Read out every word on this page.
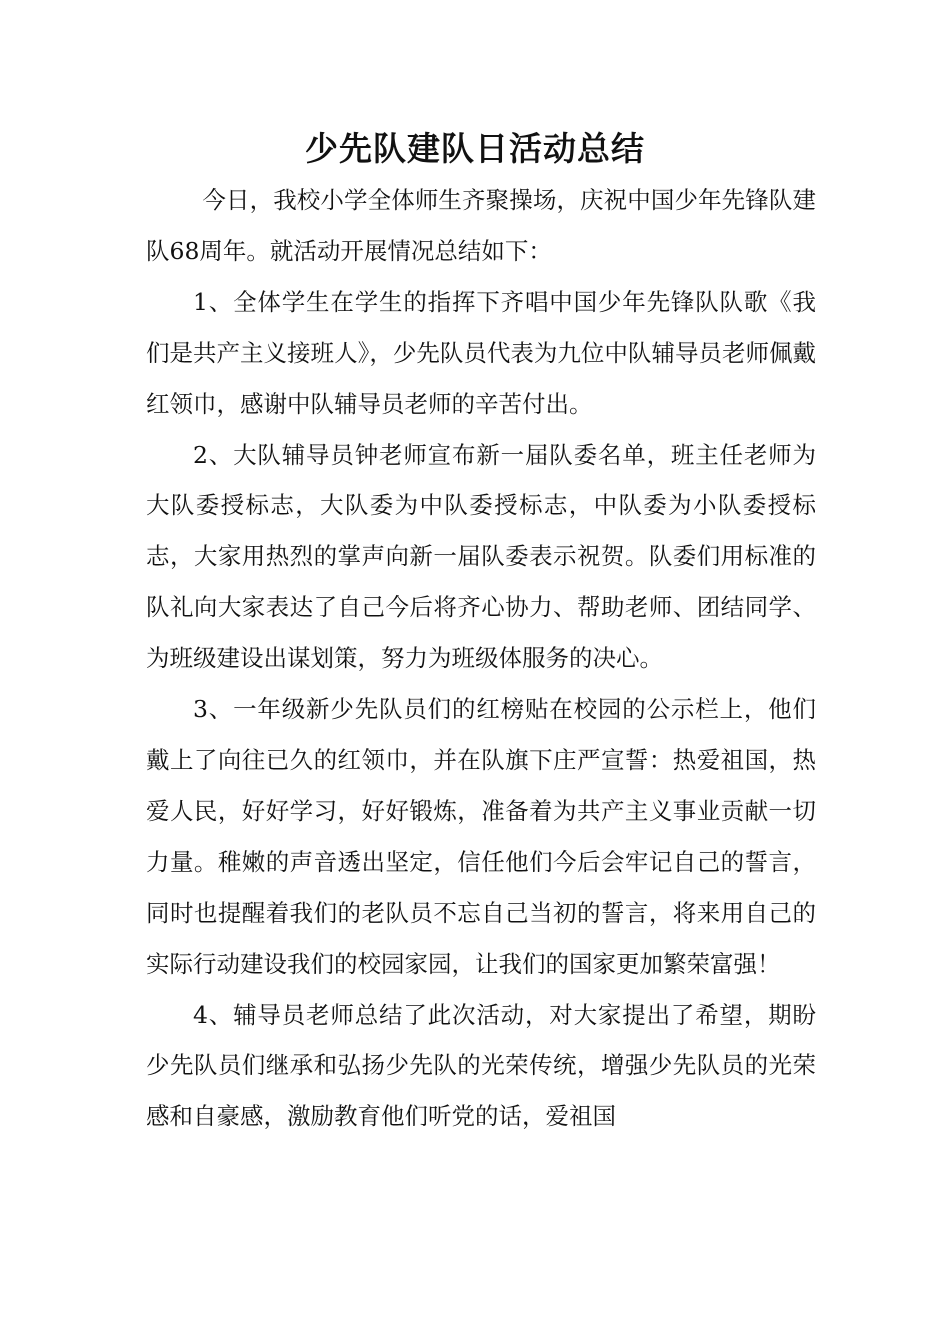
少先队建队日活动总结

今日，我校小学全体师生齐聚操场，庆祝中国少年先锋队建队68周年。就活动开展情况总结如下：

1、全体学生在学生的指挥下齐唱中国少年先锋队队歌《我们是共产主义接班人》，少先队员代表为九位中队辅导员老师佩戴红领巾，感谢中队辅导员老师的辛苦付出。

2、大队辅导员钟老师宣布新一届队委名单，班主任老师为大队委授标志，大队委为中队委授标志，中队委为小队委授标志，大家用热烈的掌声向新一届队委表示祝贺。队委们用标准的队礼向大家表达了自己今后将齐心协力、帮助老师、团结同学、为班级建设出谋划策，努力为班级体服务的决心。

3、一年级新少先队员们的红榜贴在校园的公示栏上，他们戴上了向往已久的红领巾，并在队旗下庄严宣誓：热爱祖国，热爱人民，好好学习，好好锻炼，准备着为共产主义事业贡献一切力量。稚嫩的声音透出坚定，信任他们今后会牢记自己的誓言，同时也提醒着我们的老队员不忘自己当初的誓言，将来用自己的实际行动建设我们的校园家园，让我们的国家更加繁荣富强！

4、辅导员老师总结了此次活动，对大家提出了希望，期盼少先队员们继承和弘扬少先队的光荣传统，增强少先队员的光荣感和自豪感，激励教育他们听党的话，爱祖国
